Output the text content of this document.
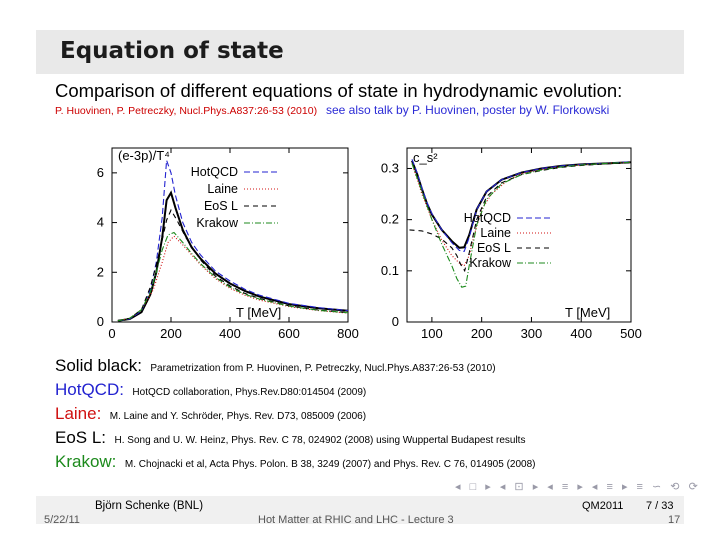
Equation of state
Comparison of different equations of state in hydrodynamic evolution:
P. Huovinen, P. Petreczky, Nucl.Phys.A837:26-53 (2010) see also talk by P. Huovinen, poster by W. Florkowski
0
2
4
6
0	200	400	600	800
(e-3p)/T⁴
T [MeV]
HotQCD
Laine
EoS L
Krakow
0
0.1
0.2
0.3
100 200 300 400 500
c_s²
T [MeV]
HotQCD
Laine
EoS L
Krakow
Solid black: Parametrization from P. Huovinen, P. Petreczky, Nucl.Phys.A837:26-53 (2010)
HotQCD: HotQCD collaboration, Phys.Rev.D80:014504 (2009)
Laine: M. Laine and Y. Schröder, Phys. Rev. D73, 085009 (2006)
EoS L: H. Song and U. W. Heinz, Phys. Rev. C 78, 024902 (2008) using Wuppertal Budapest results
Krakow: M. Chojnacki et al, Acta Phys. Polon. B 38, 3249 (2007) and Phys. Rev. C 76, 014905 (2008)
◂ □ ▸ ◂ ⊡ ▸ ◂ ≡ ▸ ◂ ≡ ▸ ≡ ∽ ⟲ ⟳
Björn Schenke (BNL)	QM2011 7 / 33
5/22/11	Hot Matter at RHIC and LHC - Lecture 3	17
